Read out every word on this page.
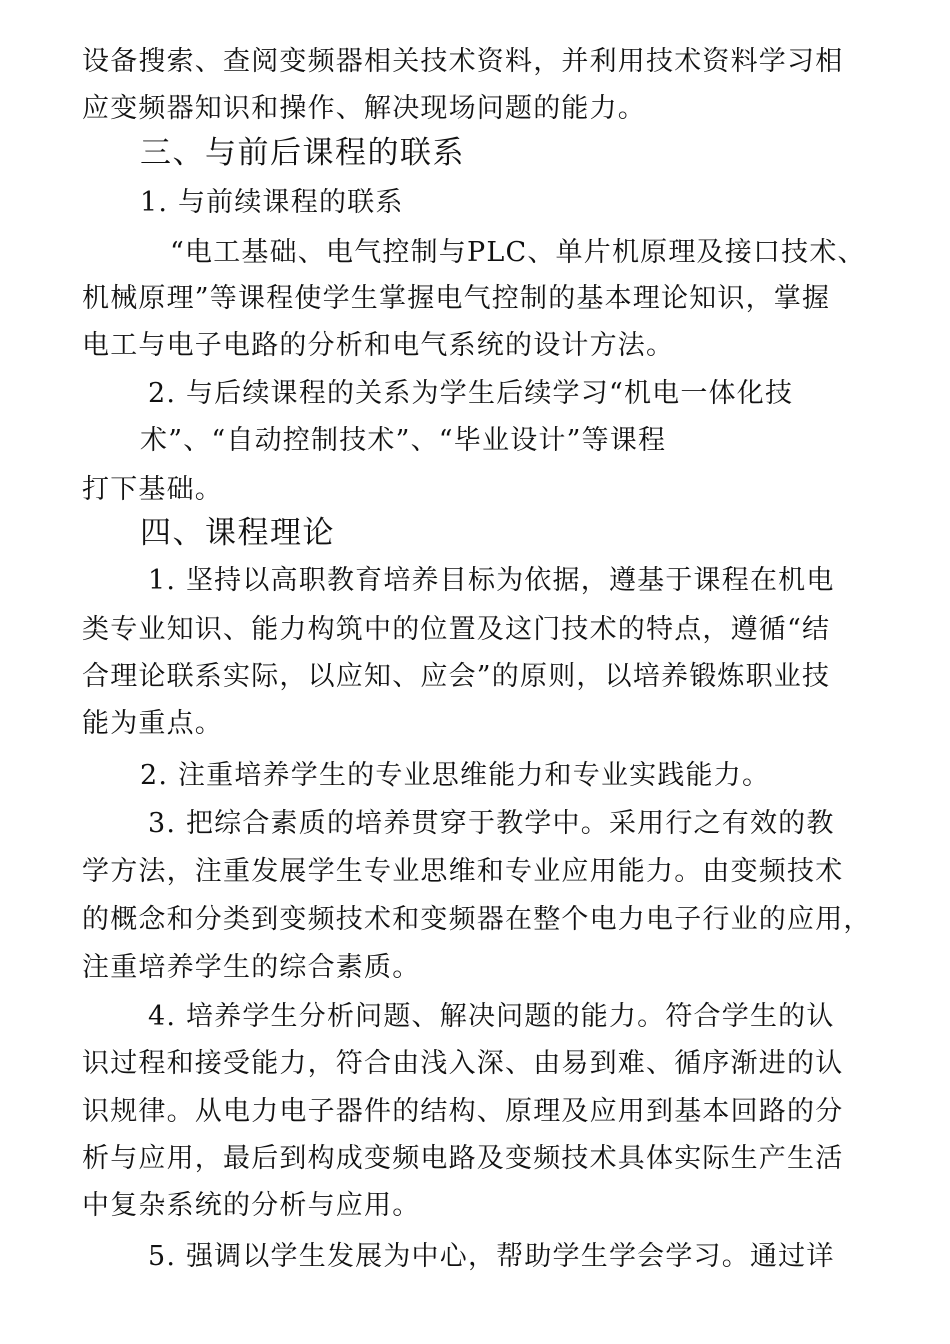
设备搜索、查阅变频器相关技术资料，并利用技术资料学习相
应变频器知识和操作、解决现场问题的能力。
三、与前后课程的联系
1. 与前续课程的联系
“电工基础、电气控制与PLC、单片机原理及接口技术、
机械原理”等课程使学生掌握电气控制的基本理论知识，掌握
电工与电子电路的分析和电气系统的设计方法。
2. 与后续课程的关系为学生后续学习“机电一体化技
术”、“自动控制技术”、“毕业设计”等课程
打下基础。
四、课程理论
1. 坚持以高职教育培养目标为依据，遵基于课程在机电
类专业知识、能力构筑中的位置及这门技术的特点，遵循“结
合理论联系实际，以应知、应会”的原则，以培养锻炼职业技
能为重点。
2. 注重培养学生的专业思维能力和专业实践能力。
3. 把综合素质的培养贯穿于教学中。采用行之有效的教
学方法，注重发展学生专业思维和专业应用能力。由变频技术
的概念和分类到变频技术和变频器在整个电力电子行业的应用，
注重培养学生的综合素质。
4. 培养学生分析问题、解决问题的能力。符合学生的认
识过程和接受能力，符合由浅入深、由易到难、循序渐进的认
识规律。从电力电子器件的结构、原理及应用到基本回路的分
析与应用，最后到构成变频电路及变频技术具体实际生产生活
中复杂系统的分析与应用。
5. 强调以学生发展为中心，帮助学生学会学习。通过详
